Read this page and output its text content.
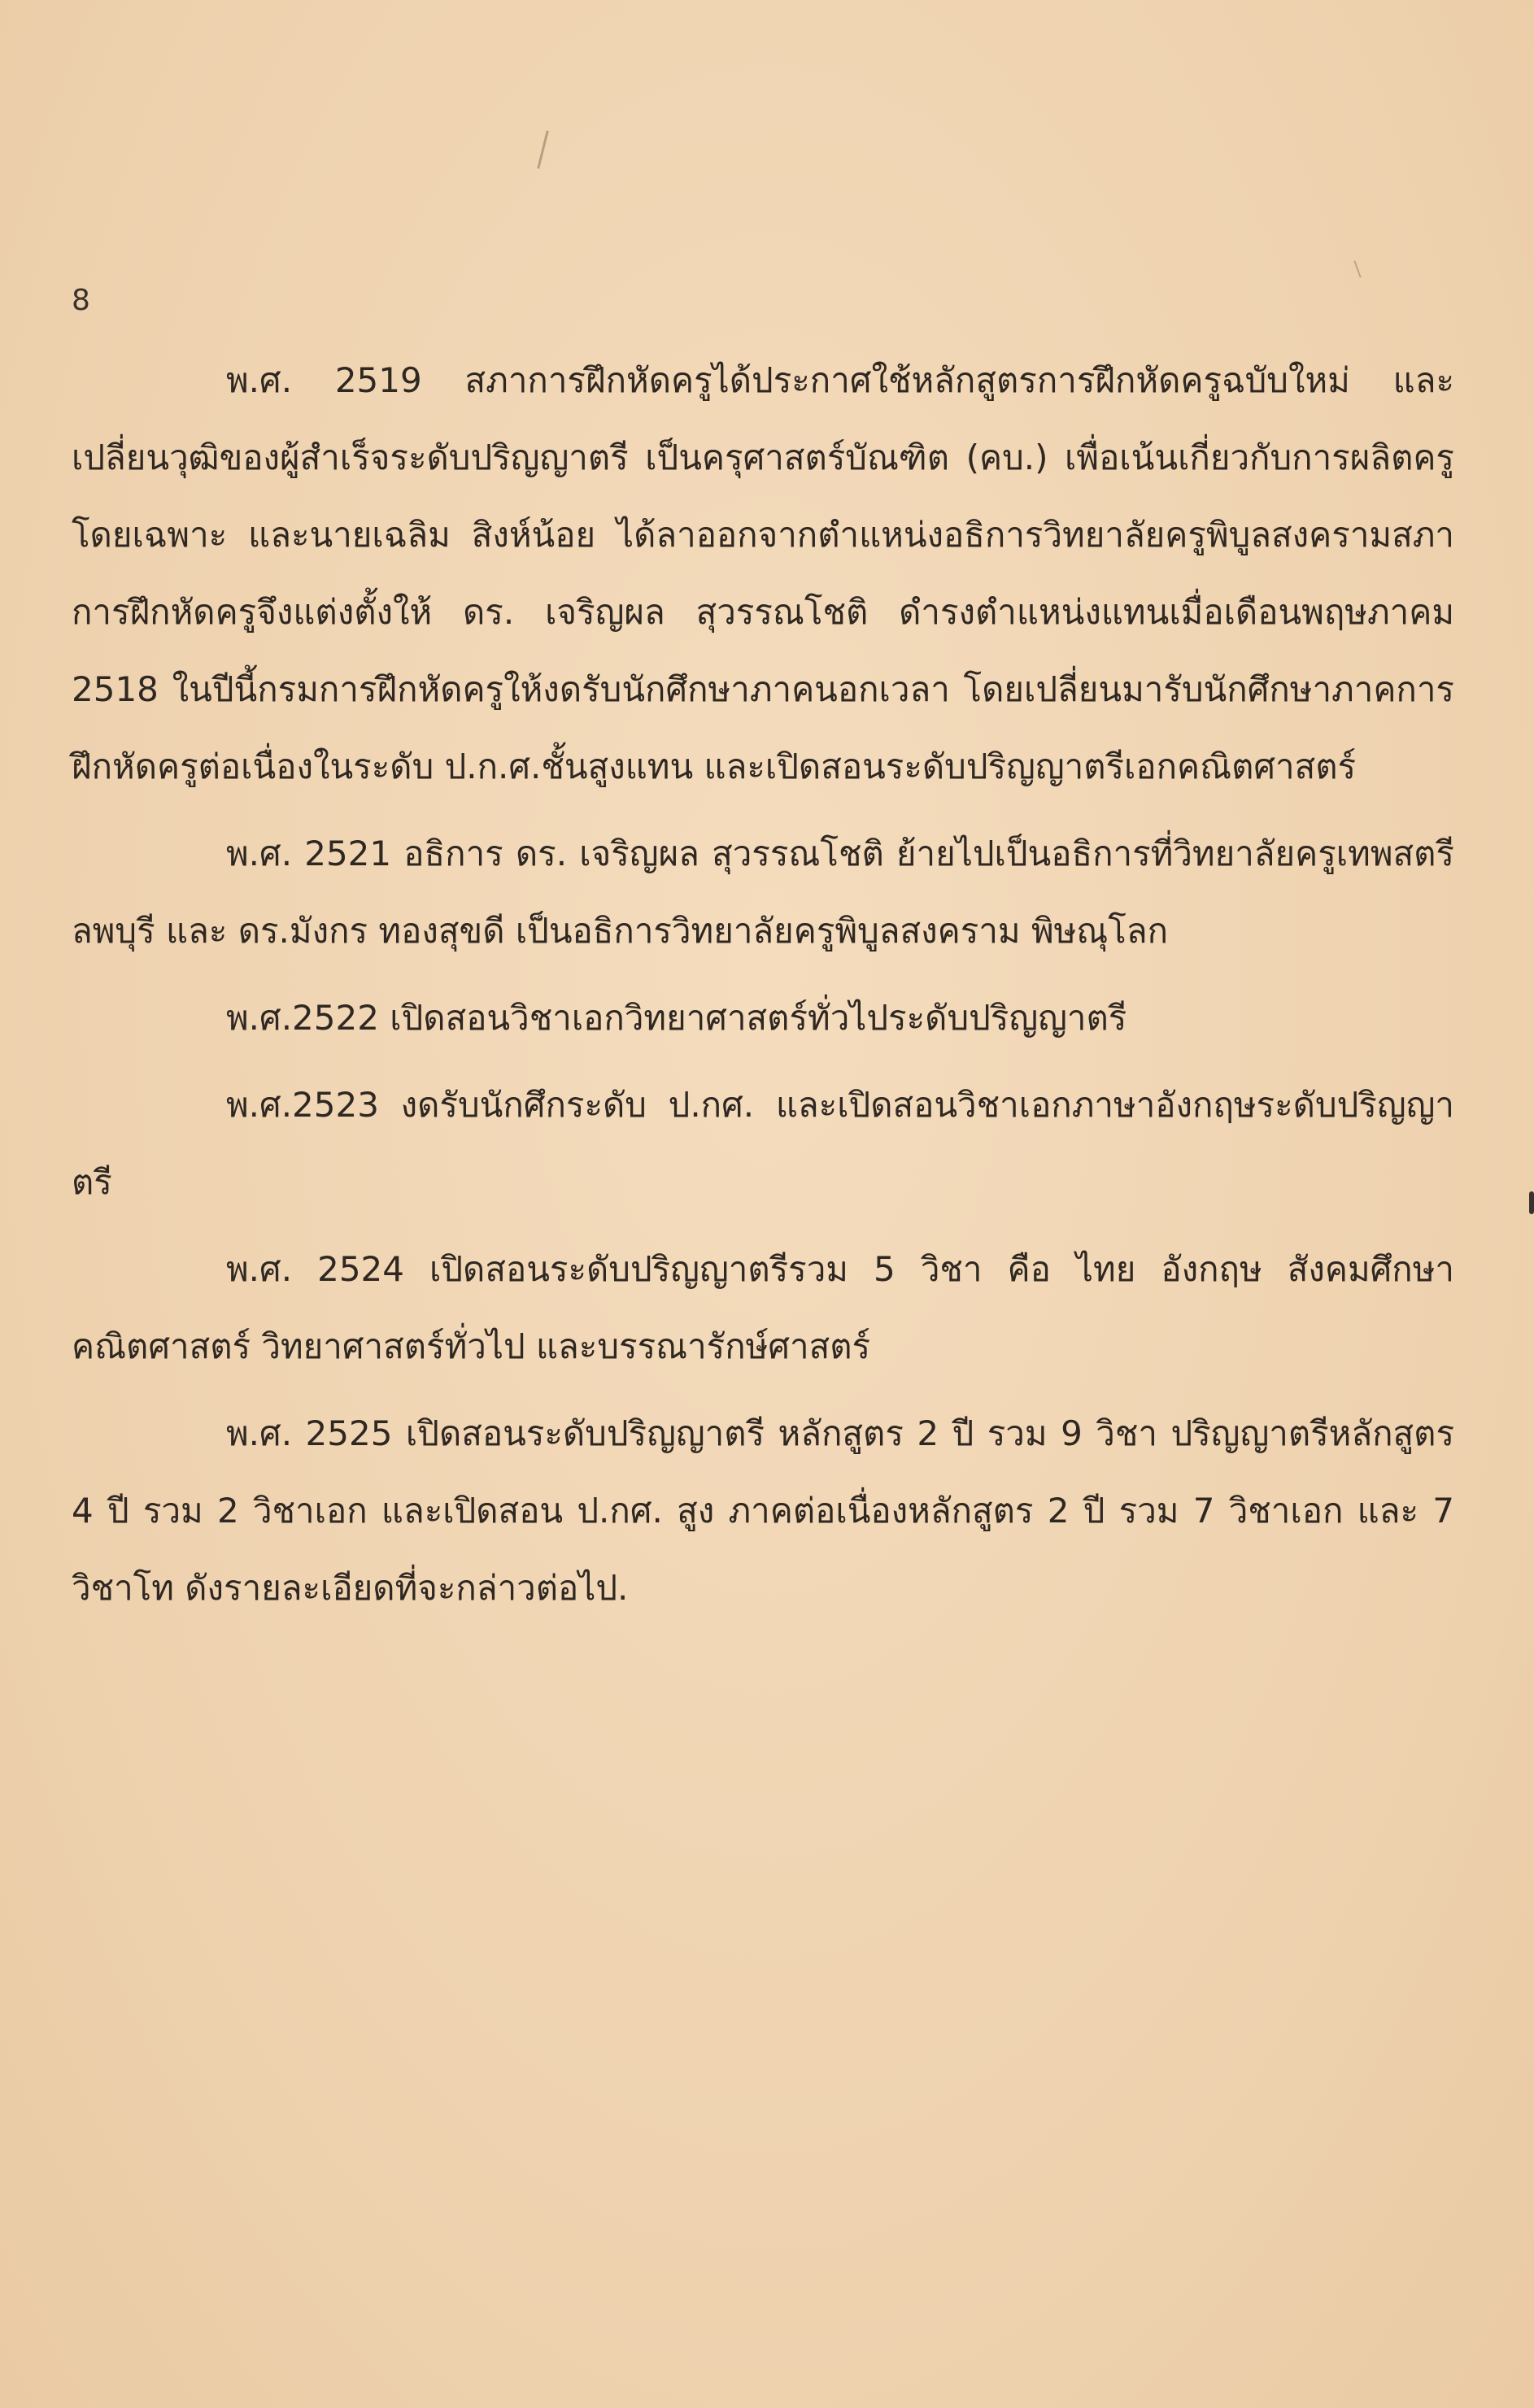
8

พ.ศ. 2519 สภาการฝึกหัดครูได้ประกาศใช้หลักสูตรการฝึกหัดครูฉบับใหม่ และเปลี่ยนวุฒิของผู้สำเร็จระดับปริญญาตรี เป็นครุศาสตร์บัณฑิต (คบ.) เพื่อเน้นเกี่ยวกับการผลิตครูโดยเฉพาะ และนายเฉลิม สิงห์น้อย ได้ลาออกจากตำแหน่งอธิการวิทยาลัยครูพิบูลสงครามสภาการฝึกหัดครูจึงแต่งตั้งให้ ดร. เจริญผล สุวรรณโชติ ดำรงตำแหน่งแทนเมื่อเดือนพฤษภาคม 2518 ในปีนี้กรมการฝึกหัดครูให้งดรับนักศึกษาภาคนอกเวลา โดยเปลี่ยนมารับนักศึกษาภาคการฝึกหัดครูต่อเนื่องในระดับ ป.ก.ศ.ชั้นสูงแทน และเปิดสอนระดับปริญญาตรีเอกคณิตศาสตร์

พ.ศ. 2521 อธิการ ดร. เจริญผล สุวรรณโชติ ย้ายไปเป็นอธิการที่วิทยาลัยครูเทพสตรี ลพบุรี และ ดร.มังกร ทองสุขดี เป็นอธิการวิทยาลัยครูพิบูลสงคราม พิษณุโลก

พ.ศ.2522 เปิดสอนวิชาเอกวิทยาศาสตร์ทั่วไประดับปริญญาตรี

พ.ศ.2523 งดรับนักศึกระดับ ป.กศ. และเปิดสอนวิชาเอกภาษาอังกฤษระดับปริญญาตรี

พ.ศ. 2524 เปิดสอนระดับปริญญาตรีรวม 5 วิชา คือ ไทย อังกฤษ สังคมศึกษา คณิตศาสตร์ วิทยาศาสตร์ทั่วไป และบรรณารักษ์ศาสตร์

พ.ศ. 2525 เปิดสอนระดับปริญญาตรี หลักสูตร 2 ปี รวม 9 วิชา ปริญญาตรีหลักสูตร 4 ปี รวม 2 วิชาเอก และเปิดสอน ป.กศ. สูง ภาคต่อเนื่องหลักสูตร 2 ปี รวม 7 วิชาเอก และ 7 วิชาโท ดังรายละเอียดที่จะกล่าวต่อไป.
